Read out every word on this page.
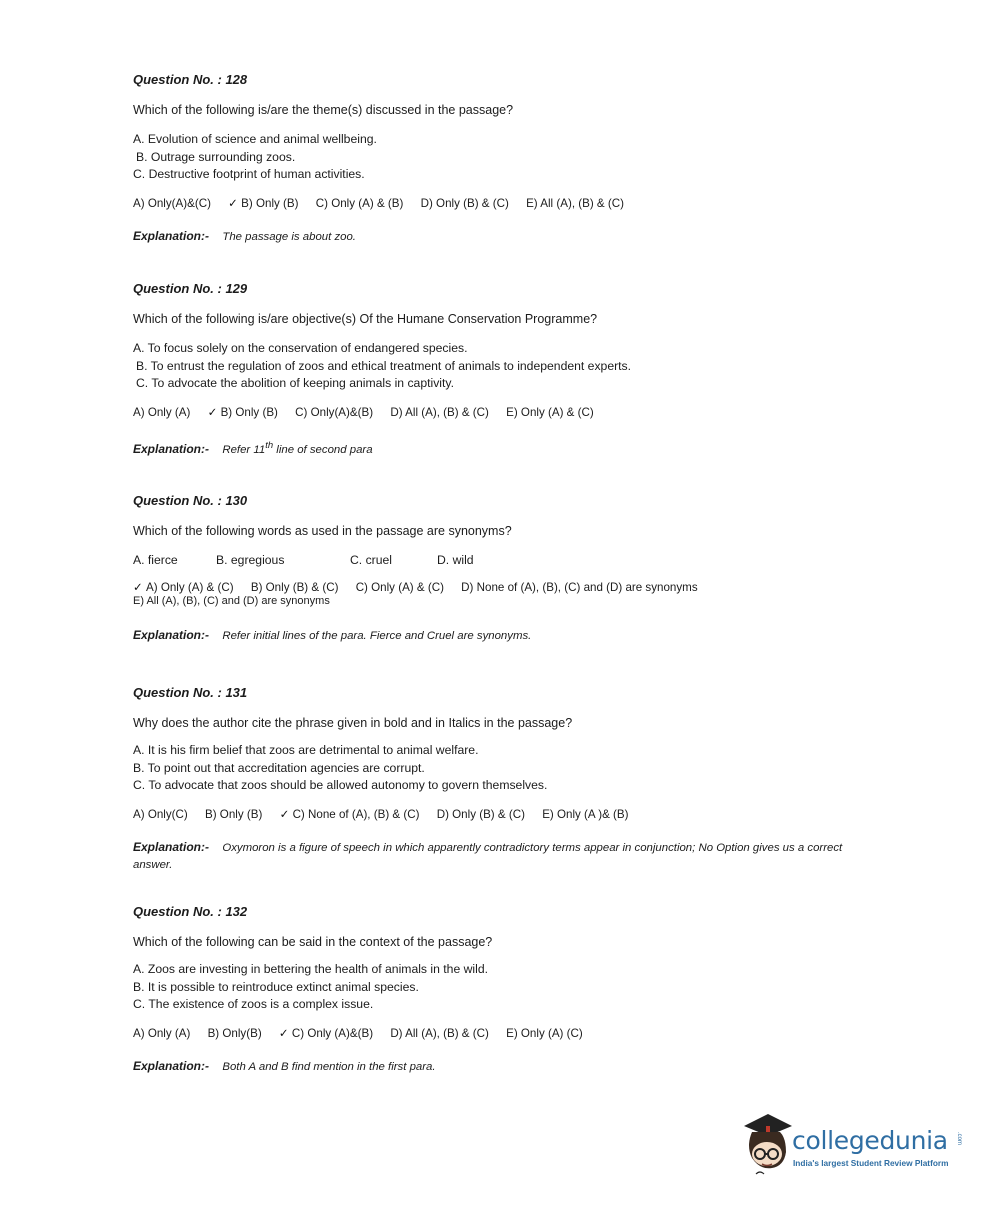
Question No. : 128

Which of the following is/are the theme(s) discussed in the passage?

A. Evolution of science and animal wellbeing.
B. Outrage surrounding zoos.
C. Destructive footprint of human activities.
A) Only(A)&(C) ✓ B) Only (B) C) Only (A) & (B) D) Only (B) & (C) E) All (A), (B) & (C)
Explanation:- The passage is about zoo.

Question No. : 129

Which of the following is/are objective(s) Of the Humane Conservation Programme?

A. To focus solely on the conservation of endangered species.
B. To entrust the regulation of zoos and ethical treatment of animals to independent experts.
C. To advocate the abolition of keeping animals in captivity.
A) Only (A) ✓ B) Only (B) C) Only(A)&(B) D) All (A), (B) & (C) E) Only (A) & (C)
Explanation:- Refer 11th line of second para

Question No. : 130

Which of the following words as used in the passage are synonyms?

A. fierce	B. egregious	C. cruel	D. wild
✓ A) Only (A) & (C) B) Only (B) & (C) C) Only (A) & (C) D) None of (A), (B), (C) and (D) are synonyms
E) All (A), (B), (C) and (D) are synonyms
Explanation:- Refer initial lines of the para. Fierce and Cruel are synonyms.

Question No. : 131

Why does the author cite the phrase given in bold and in Italics in the passage?

A. It is his firm belief that zoos are detrimental to animal welfare.
B. To point out that accreditation agencies are corrupt.
C. To advocate that zoos should be allowed autonomy to govern themselves.
A) Only(C) B) Only (B) ✓ C) None of (A), (B) & (C) D) Only (B) & (C) E) Only (A )& (B)
Explanation:- Oxymoron is a figure of speech in which apparently contradictory terms appear in conjunction; No Option gives us a correct answer.

Question No. : 132

Which of the following can be said in the context of the passage?

A. Zoos are investing in bettering the health of animals in the wild.
B. It is possible to reintroduce extinct animal species.
C. The existence of zoos is a complex issue.
A) Only (A) B) Only(B) ✓ C) Only (A)&(B) D) All (A), (B) & (C) E) Only (A) (C)
Explanation:- Both A and B find mention in the first para.
collegedunia .com
India's largest Student Review Platform
